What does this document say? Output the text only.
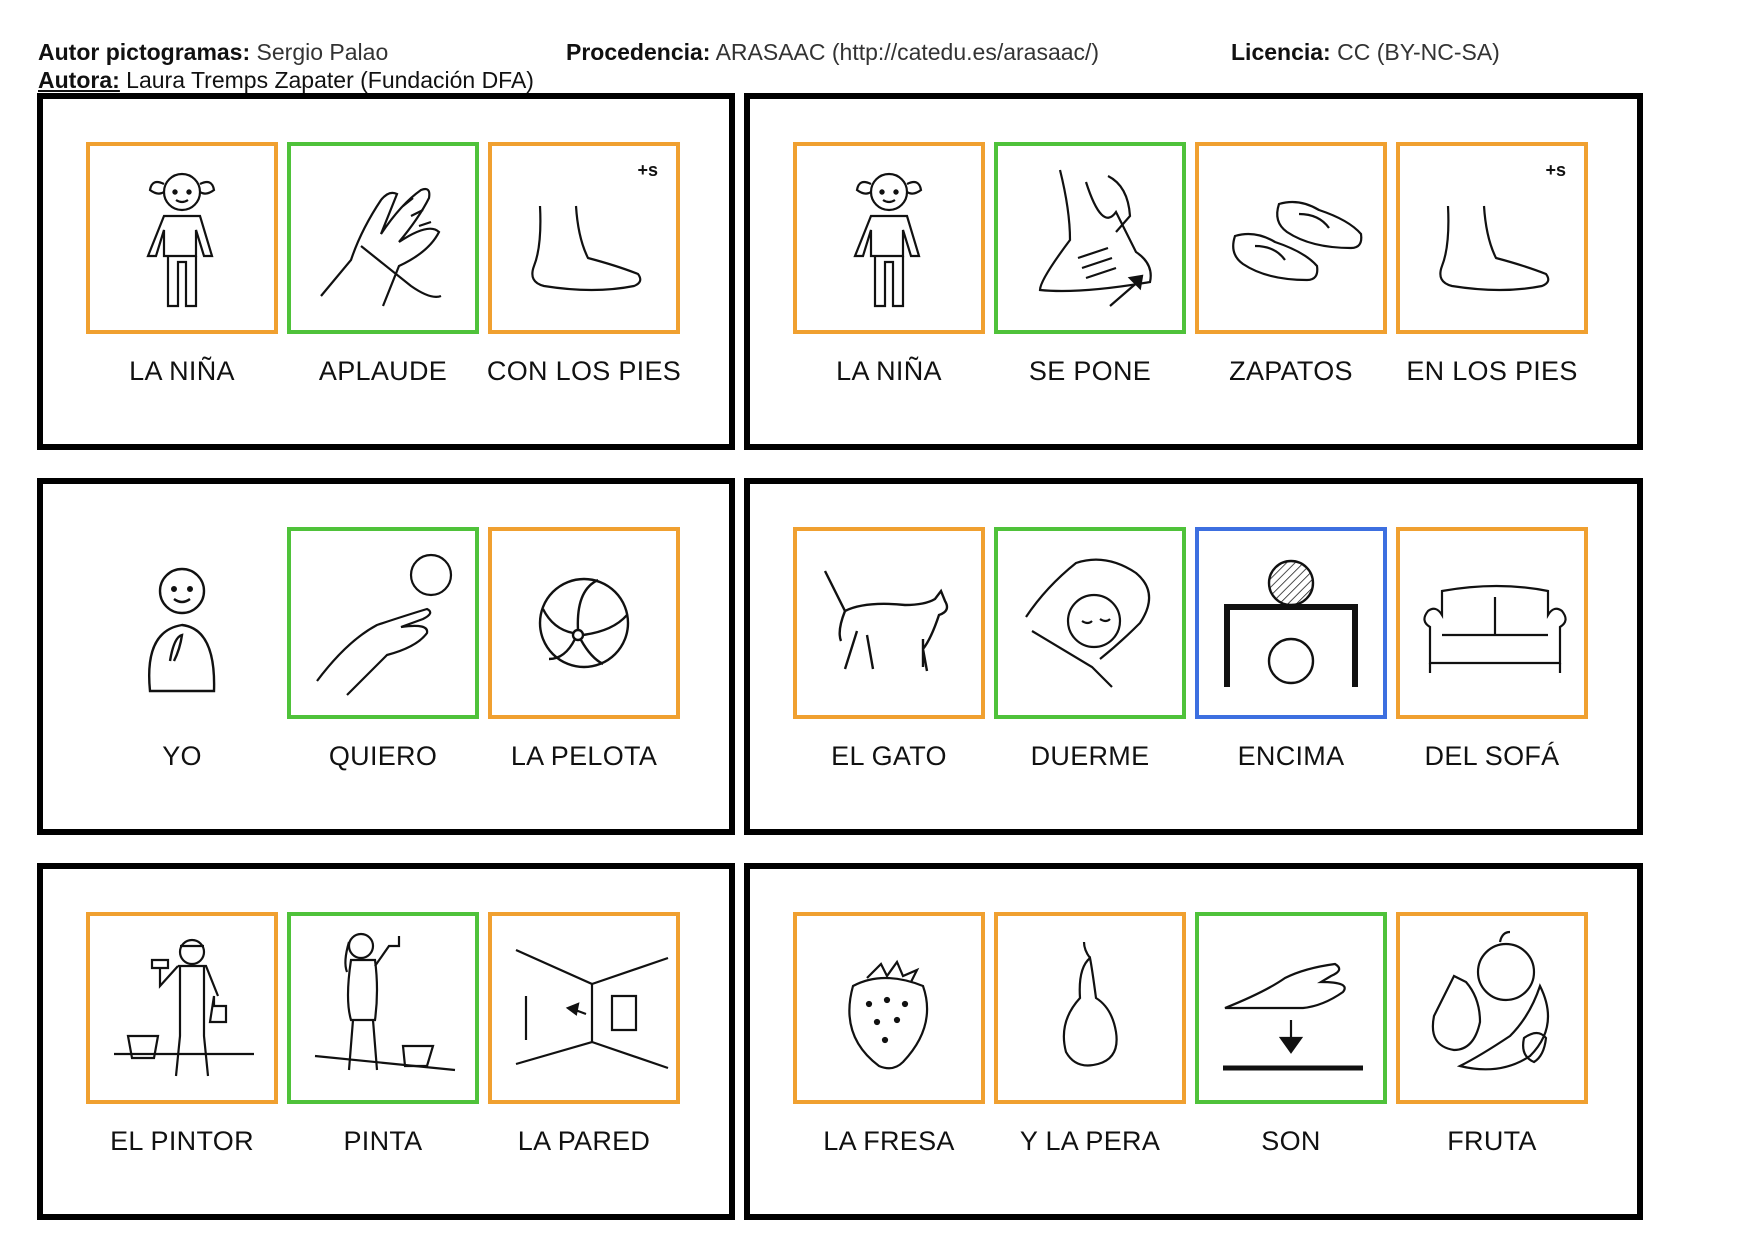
Autor pictogramas: Sergio Palao	Procedencia: ARASAAC (http://catedu.es/arasaac/)	Licencia: CC (BY-NC-SA)
Autora: Laura Tremps Zapater (Fundación DFA)
LA NIÑA	APLAUDE
+s
CON LOS PIES	LA NIÑA	SE PONE	ZAPATOS
+s
EN LOS PIES
YO	QUIERO	LA PELOTA	EL GATO	DUERME	ENCIMA	DEL SOFÁ
EL PINTOR	PINTA	LA PARED	LA FRESA	Y LA PERA	SON	FRUTA
